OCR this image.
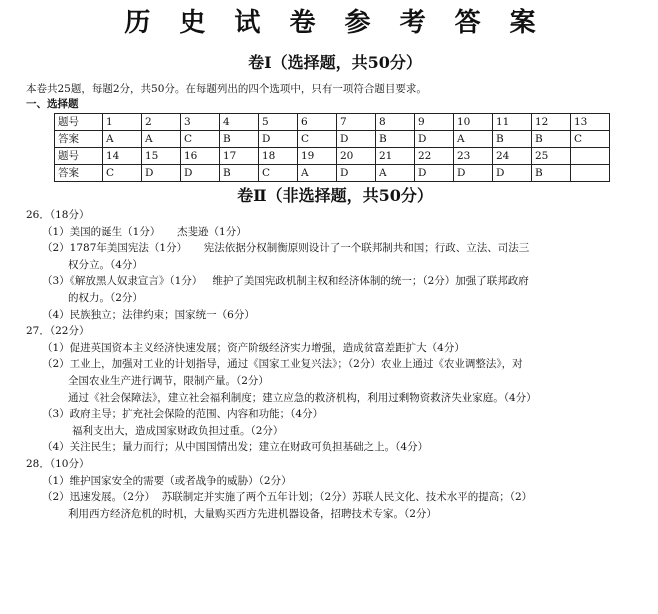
历 史 试 卷 参 考 答 案
卷Ⅰ（选择题，共50分）
本卷共25题，每题2分，共50分。在每题列出的四个选项中，只有一项符合题目要求。
一、选择题
题号	1	2	3	4	5	6	7	8	9	10	11	12	13
答案	A	A	C	B	D	C	D	B	D	A	B	B	C
题号	14	15	16	17	18	19	20	21	22	23	24	25	
答案	C	D	D	B	C	A	D	A	D	D	D	B	
卷Ⅱ（非选择题，共50分）
26．（18分）
（1）美国的诞生（1分）     杰斐逊（1分）
（2）1787年美国宪法（1分）     宪法依据分权制衡原则设计了一个联邦制共和国；行政、立法、司法三
权分立。（4分）
（3）《解放黑人奴隶宣言》（1分）   维护了美国宪政机制主权和经济体制的统一；（2分）加强了联邦政府
的权力。（2分）
（4）民族独立；法律约束；国家统一（6分）
27．（22分）
（1）促进英国资本主义经济快速发展；资产阶级经济实力增强，造成贫富差距扩大（4分）
（2）工业上，加强对工业的计划指导，通过《国家工业复兴法》；（2分）农业上通过《农业调整法》，对
全国农业生产进行调节，限制产量。（2分）
通过《社会保障法》，建立社会福利制度；建立应急的救济机构，利用过剩物资救济失业家庭。（4分）
（3）政府主导；扩充社会保险的范围、内容和功能；（4分）
福利支出大，造成国家财政负担过重。（2分）
（4）关注民生；量力而行；从中国国情出发；建立在财政可负担基础之上。（4分）
28．（10分）
（1）维护国家安全的需要（或者战争的威胁）（2分）
（2）迅速发展。（2分）  苏联制定并实施了两个五年计划；（2分）苏联人民文化、技术水平的提高；（2）
利用西方经济危机的时机，大量购买西方先进机器设备，招聘技术专家。（2分）
